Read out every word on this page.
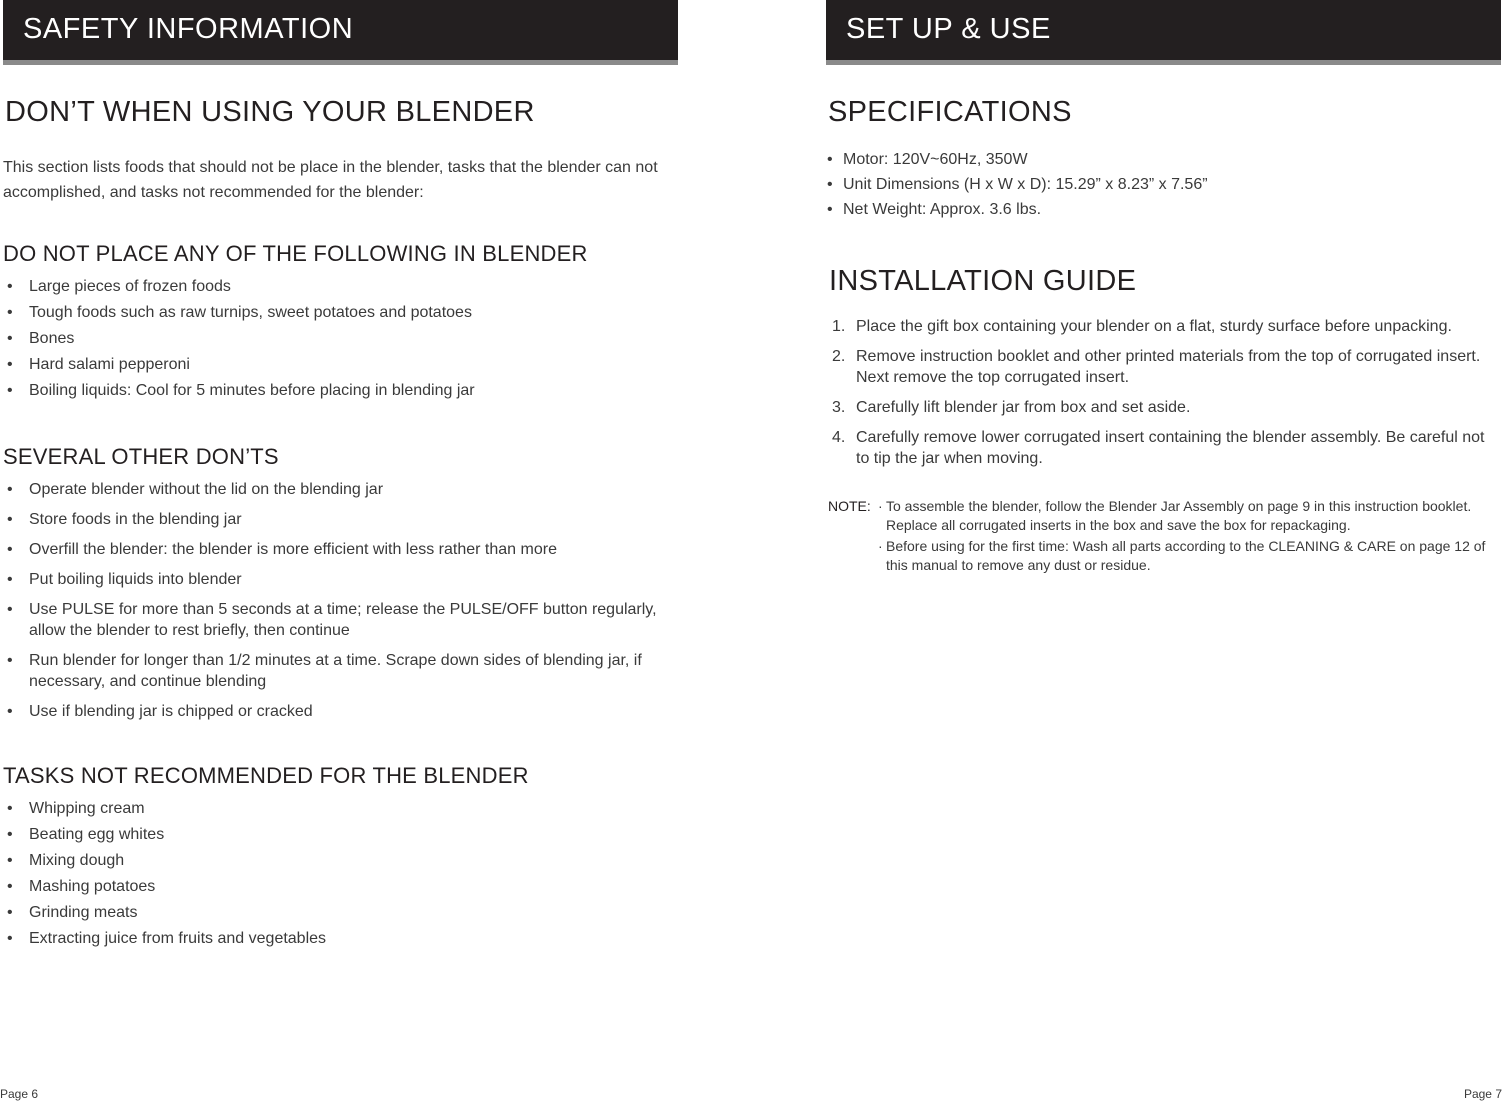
SAFETY INFORMATION
DON’T WHEN USING YOUR BLENDER

This section lists foods that should not be place in the blender, tasks that the blender can not accomplished, and tasks not recommended for the blender:

DO NOT PLACE ANY OF THE FOLLOWING IN BLENDER
• Large pieces of frozen foods
• Tough foods such as raw turnips, sweet potatoes and potatoes
• Bones
• Hard salami pepperoni
• Boiling liquids: Cool for 5 minutes before placing in blending jar
SEVERAL OTHER DON’TS
• Operate blender without the lid on the blending jar
• Store foods in the blending jar
• Overfill the blender: the blender is more efficient with less rather than more
• Put boiling liquids into blender
• Use PULSE for more than 5 seconds at a time; release the PULSE/OFF button regularly, allow the blender to rest briefly, then continue
• Run blender for longer than 1/2 minutes at a time. Scrape down sides of blending jar, if necessary, and continue blending
• Use if blending jar is chipped or cracked
TASKS NOT RECOMMENDED FOR THE BLENDER
• Whipping cream
• Beating egg whites
• Mixing dough
• Mashing potatoes
• Grinding meats
• Extracting juice from fruits and vegetables
Page 6
SET UP & USE
SPECIFICATIONS
• Motor: 120V~60Hz, 350W
• Unit Dimensions (H x W x D): 15.29” x 8.23” x 7.56”
• Net Weight: Approx. 3.6 lbs.
INSTALLATION GUIDE
1. Place the gift box containing your blender on a flat, sturdy surface before unpacking.
2. Remove instruction booklet and other printed materials from the top of corrugated insert. Next remove the top corrugated insert.
3. Carefully lift blender jar from box and set aside.
4. Carefully remove lower corrugated insert containing the blender assembly. Be careful not to tip the jar when moving.
NOTE: · To assemble the blender, follow the Blender Jar Assembly on page 9 in this instruction booklet. Replace all corrugated inserts in the box and save the box for repackaging.
· Before using for the first time: Wash all parts according to the CLEANING & CARE on page 12 of this manual to remove any dust or residue.
Page 7
